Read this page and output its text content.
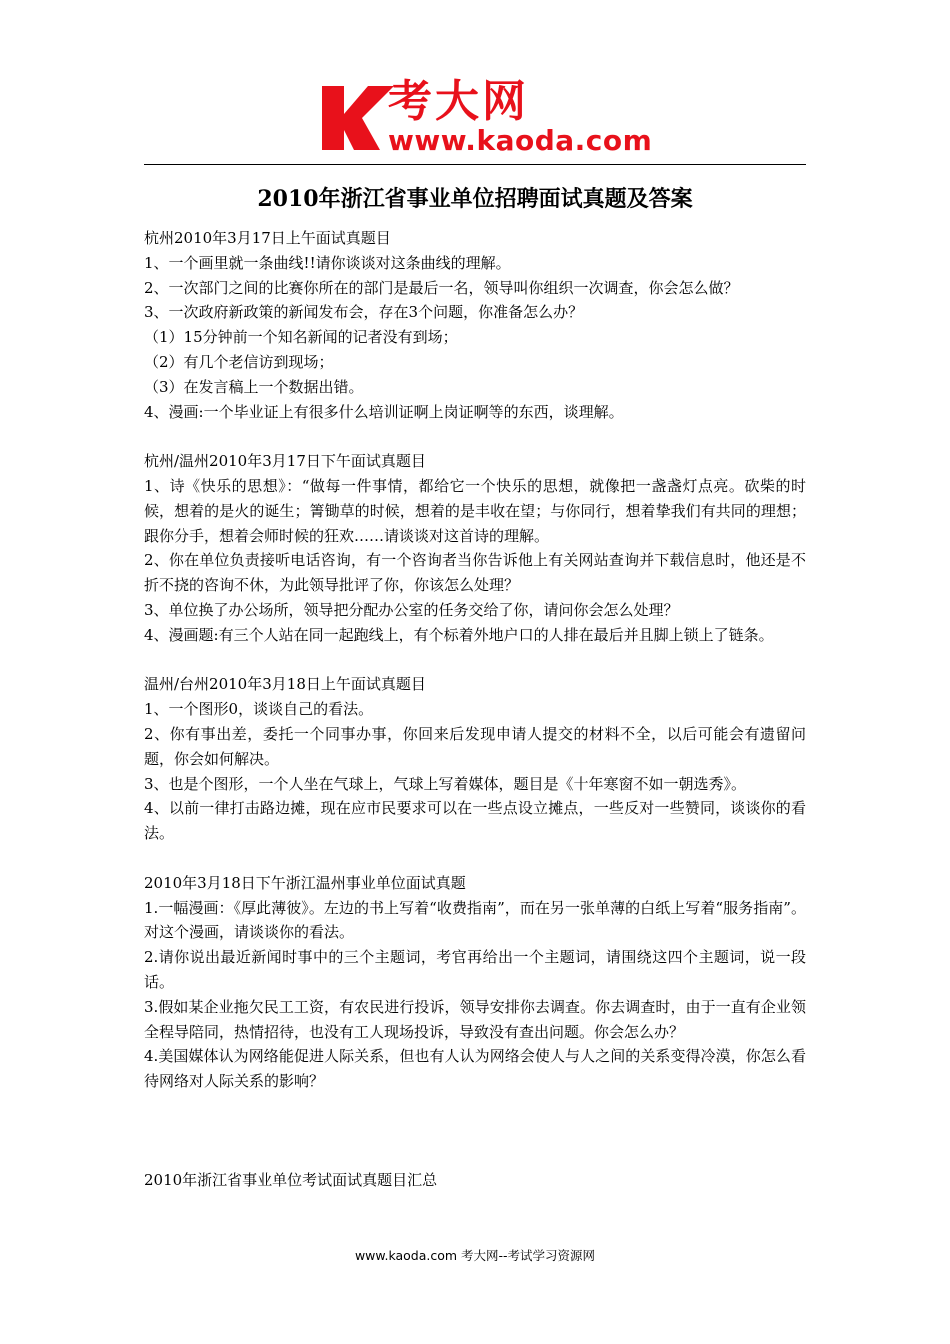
考大网

www.kaoda.com

2010年浙江省事业单位招聘面试真题及答案

杭州2010年3月17日上午面试真题目

1、一个画里就一条曲线!!请你谈谈对这条曲线的理解。

2、一次部门之间的比赛你所在的部门是最后一名，领导叫你组织一次调查，你会怎么做？

3、一次政府新政策的新闻发布会，存在3个问题，你准备怎么办？

（1）15分钟前一个知名新闻的记者没有到场；

（2）有几个老信访到现场；

（3）在发言稿上一个数据出错。

4、漫画:一个毕业证上有很多什么培训证啊上岗证啊等的东西，谈理解。

杭州/温州2010年3月17日下午面试真题目

1、诗《快乐的思想》：“做每一件事情，都给它一个快乐的思想，就像把一盏盏灯点亮。砍柴的时候，想着的是火的诞生；箐锄草的时候，想着的是丰收在望；与你同行，想着挚我们有共同的理想；跟你分手，想着会师时候的狂欢……请谈谈对这首诗的理解。

2、你在单位负责接听电话咨询，有一个咨询者当你告诉他上有关网站查询并下载信息时，他还是不折不挠的咨询不休，为此领导批评了你，你该怎么处理？

3、单位换了办公场所，领导把分配办公室的任务交给了你，请问你会怎么处理？

4、漫画题:有三个人站在同一起跑线上，有个标着外地户口的人排在最后并且脚上锁上了链条。

温州/台州2010年3月18日上午面试真题目

1、一个图形0，谈谈自己的看法。

2、你有事出差，委托一个同事办事，你回来后发现申请人提交的材料不全，以后可能会有遗留问题，你会如何解决。

3、也是个图形，一个人坐在气球上，气球上写着媒体，题目是《十年寒窗不如一朝选秀》。

4、以前一律打击路边摊，现在应市民要求可以在一些点设立摊点，一些反对一些赞同，谈谈你的看法。

2010年3月18日下午浙江温州事业单位面试真题

1.一幅漫画：《厚此薄彼》。左边的书上写着“收费指南”，而在另一张单薄的白纸上写着“服务指南”。对这个漫画，请谈谈你的看法。

2.请你说出最近新闻时事中的三个主题词，考官再给出一个主题词，请围绕这四个主题词，说一段话。

3.假如某企业拖欠民工工资，有农民进行投诉，领导安排你去调查。你去调查时，由于一直有企业领全程导陪同，热情招待，也没有工人现场投诉，导致没有查出问题。你会怎么办？

4.美国媒体认为网络能促进人际关系，但也有人认为网络会使人与人之间的关系变得冷漠，你怎么看待网络对人际关系的影响？

2010年浙江省事业单位考试面试真题目汇总

www.kaoda.com 考大网--考试学习资源网
